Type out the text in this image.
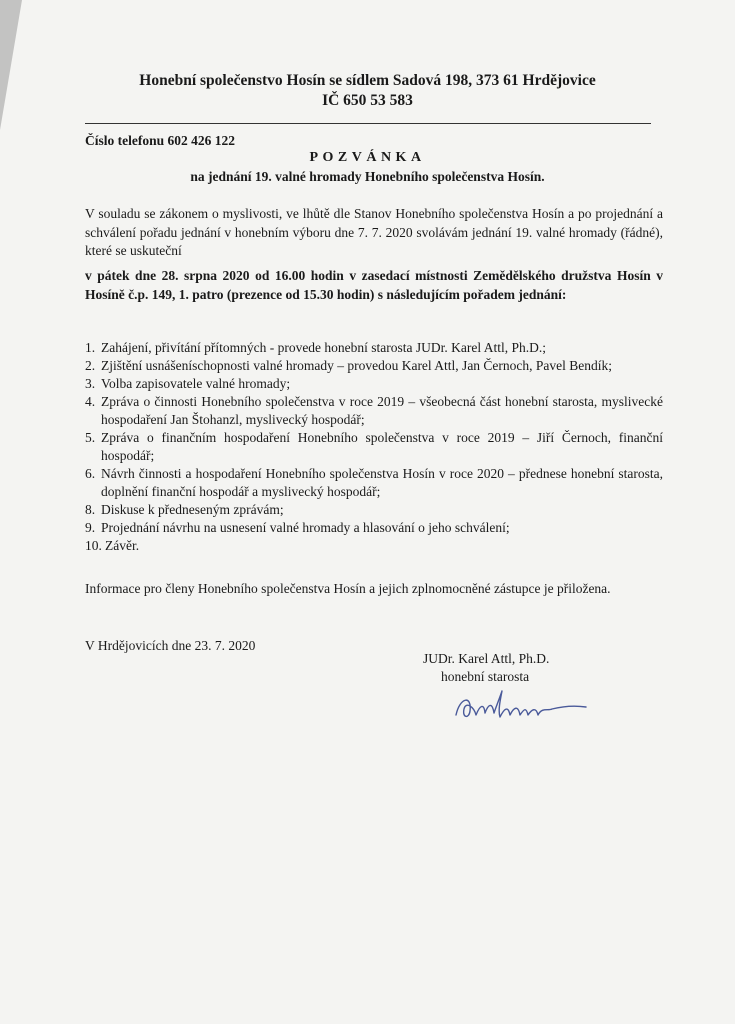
Honební společenstvo Hosín se sídlem Sadová 198, 373 61 Hrdějovice
IČ 650 53 583
Číslo telefonu 602 426 122
POZVÁNKA
na jednání 19. valné hromady Honebního společenstva Hosín.
V souladu se zákonem o myslivosti, ve lhůtě dle Stanov Honebního společenstva Hosín a po projednání a schválení pořadu jednání v honebním výboru dne 7. 7. 2020 svolávám jednání 19. valné hromady (řádné), které se uskuteční
v pátek dne 28. srpna 2020 od 16.00 hodin v zasedací místnosti Zemědělského družstva Hosín v Hosíně č.p. 149, 1. patro (prezence od 15.30 hodin) s následujícím pořadem jednání:
1. Zahájení, přivítání přítomných - provede honební starosta JUDr. Karel Attl, Ph.D.;
2. Zjištění usnášeníschopnosti valné hromady – provedou Karel Attl, Jan Černoch, Pavel Bendík;
3. Volba zapisovatele valné hromady;
4. Zpráva o činnosti Honebního společenstva v roce 2019 – všeobecná část honební starosta, myslivecké hospodaření Jan Štohanzl, myslivecký hospodář;
5. Zpráva o finančním hospodaření Honebního společenstva v roce 2019 – Jiří Černoch, finanční hospodář;
6. Návrh činnosti a hospodaření Honebního společenstva Hosín v roce 2020 – přednese honební starosta, doplnění finanční hospodář a myslivecký hospodář;
8. Diskuse k předneseným zprávám;
9. Projednání návrhu na usnesení valné hromady a hlasování o jeho schválení;
10. Závěr.
Informace pro členy Honebního společenstva Hosín a jejich zplnomocněné zástupce je přiložena.
V Hrdějovicích dne 23. 7. 2020
JUDr. Karel Attl, Ph.D.
honební starosta
